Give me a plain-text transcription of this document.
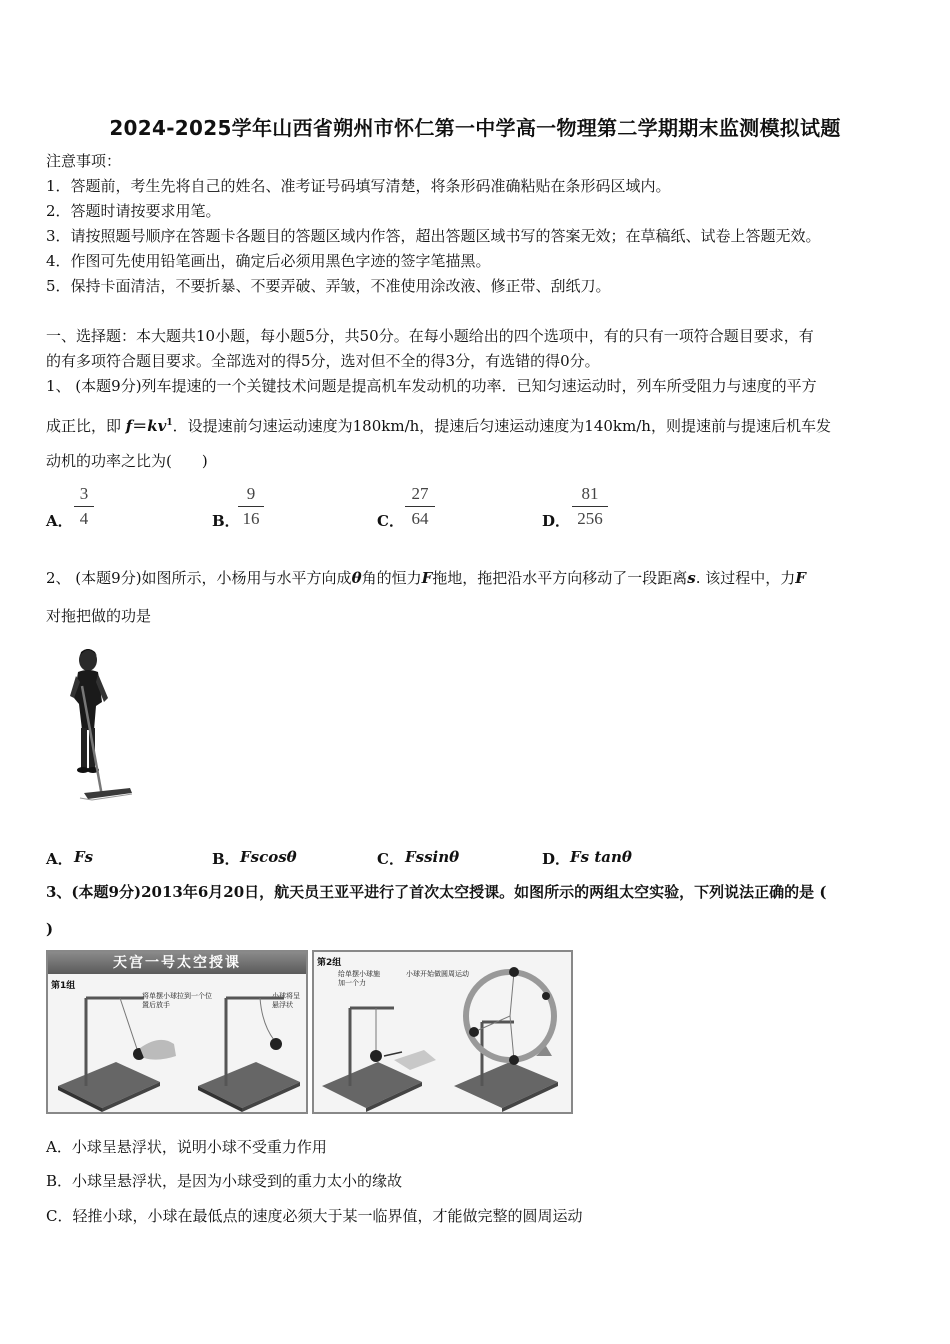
2024-2025学年山西省朔州市怀仁第一中学高一物理第二学期期末监测模拟试题
注意事项：
1．答题前，考生先将自己的姓名、准考证号码填写清楚，将条形码准确粘贴在条形码区域内。
2．答题时请按要求用笔。
3．请按照题号顺序在答题卡各题目的答题区域内作答，超出答题区域书写的答案无效；在草稿纸、试卷上答题无效。
4．作图可先使用铅笔画出，确定后必须用黑色字迹的签字笔描黑。
5．保持卡面清洁，不要折暴、不要弄破、弄皱，不准使用涂改液、修正带、刮纸刀。
一、选择题：本大题共10小题，每小题5分，共50分。在每小题给出的四个选项中，有的只有一项符合题目要求，有
的有多项符合题目要求。全部选对的得5分，选对但不全的得3分，有选错的得0分。
1、 (本题9分)列车提速的一个关键技术问题是提高机车发动机的功率．已知匀速运动时，列车所受阻力与速度的平方
成正比，即 $f=kv^1$．设提速前匀速运动速度为180km/h，提速后匀速运动速度为140km/h，则提速前与提速后机车发
动机的功率之比为(　　)
A．
3
4	B．
9
16	C．
27
64	D．
81
256
2、 (本题9分)如图所示，小杨用与水平方向成θ角的恒力F拖地，拖把沿水平方向移动了一段距离s. 该过程中，力F
对拖把做的功是
A． Fs	B． Fscosθ	C． Fssinθ	D． Fs tanθ
3、(本题9分)2013年6月20日，航天员王亚平进行了首次太空授课。如图所示的两组太空实验，下列说法正确的是 (
)
天宫一号太空授课
第1组
将单摆小球拉到一个位置后放手
小球将呈悬浮状
第2组
给单摆小球施加一个力
小球开始做圆周运动
A．小球呈悬浮状，说明小球不受重力作用
B．小球呈悬浮状，是因为小球受到的重力太小的缘故
C．轻推小球，小球在最低点的速度必须大于某一临界值，才能做完整的圆周运动
